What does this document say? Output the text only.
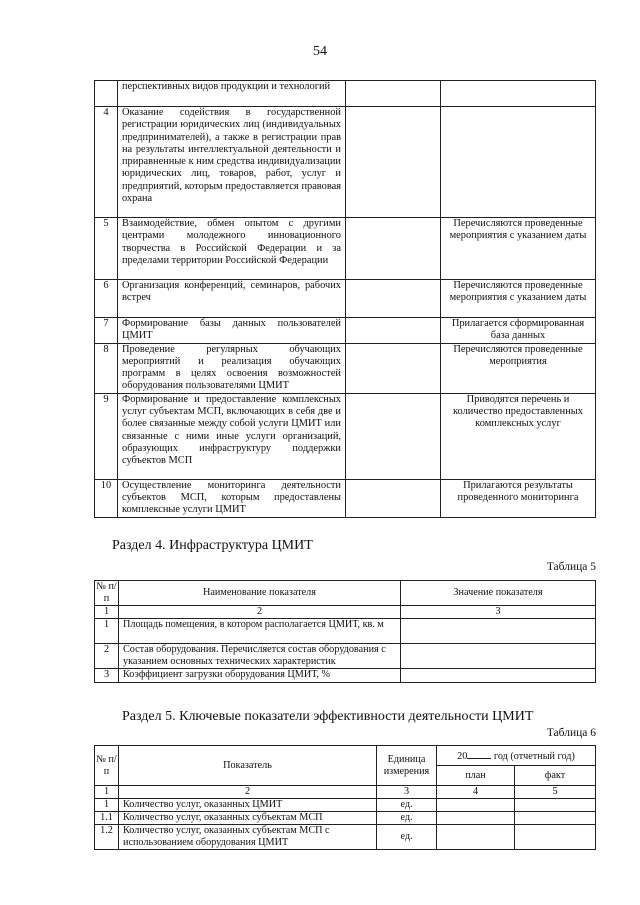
54
	перспективных видов продукции и технологий		
4	Оказание содействия в государственной регистрации юридических лиц (индивидуальных предпринимателей), а также в регистрации прав на результаты интеллектуальной деятельности и приравненные к ним средства индивидуализации юридических лиц, товаров, работ, услуг и предприятий, которым предоставляется правовая охрана		
5	Взаимодействие, обмен опытом с другими центрами молодежного инновационного творчества в Российской Федерации и за пределами территории Российской Федерации		Перечисляются проведенные мероприятия с указанием даты
6	Организация конференций, семинаров, рабочих встреч		Перечисляются проведенные мероприятия с указанием даты
7	Формирование базы данных пользователей ЦМИТ		Прилагается сформированная база данных
8	Проведение регулярных обучающих мероприятий и реализация обучающих программ в целях освоения возможностей оборудования пользователями ЦМИТ		Перечисляются проведенные мероприятия
9	Формирование и предоставление комплексных услуг субъектам МСП, включающих в себя две и более связанные между собой услуги ЦМИТ или связанные с ними иные услуги организаций, образующих инфраструктуру поддержки субъектов МСП		Приводятся перечень и количество предоставленных комплексных услуг
10	Осуществление мониторинга деятельности субъектов МСП, которым предоставлены комплексные услуги ЦМИТ		Прилагаются результаты проведенного мониторинга
Раздел 4. Инфраструктура ЦМИТ
Таблица 5
№ п/п	Наименование показателя	Значение показателя
1	2	3
1	Площадь помещения, в котором располагается ЦМИТ, кв. м	
2	Состав оборудования. Перечисляется состав оборудования с указанием основных технических характеристик	
3	Коэффициент загрузки оборудования ЦМИТ, %	
Раздел 5. Ключевые показатели эффективности деятельности ЦМИТ
Таблица 6
№ п/п	Показатель	Единица измерения	20 год (отчетный год)	
			план	факт
1	2	3	4	5
1	Количество услуг, оказанных ЦМИТ	ед.		
1.1	Количество услуг, оказанных субъектам МСП	ед.		
1.2	Количество услуг, оказанных субъектам МСП с использованием оборудования ЦМИТ	ед.		
